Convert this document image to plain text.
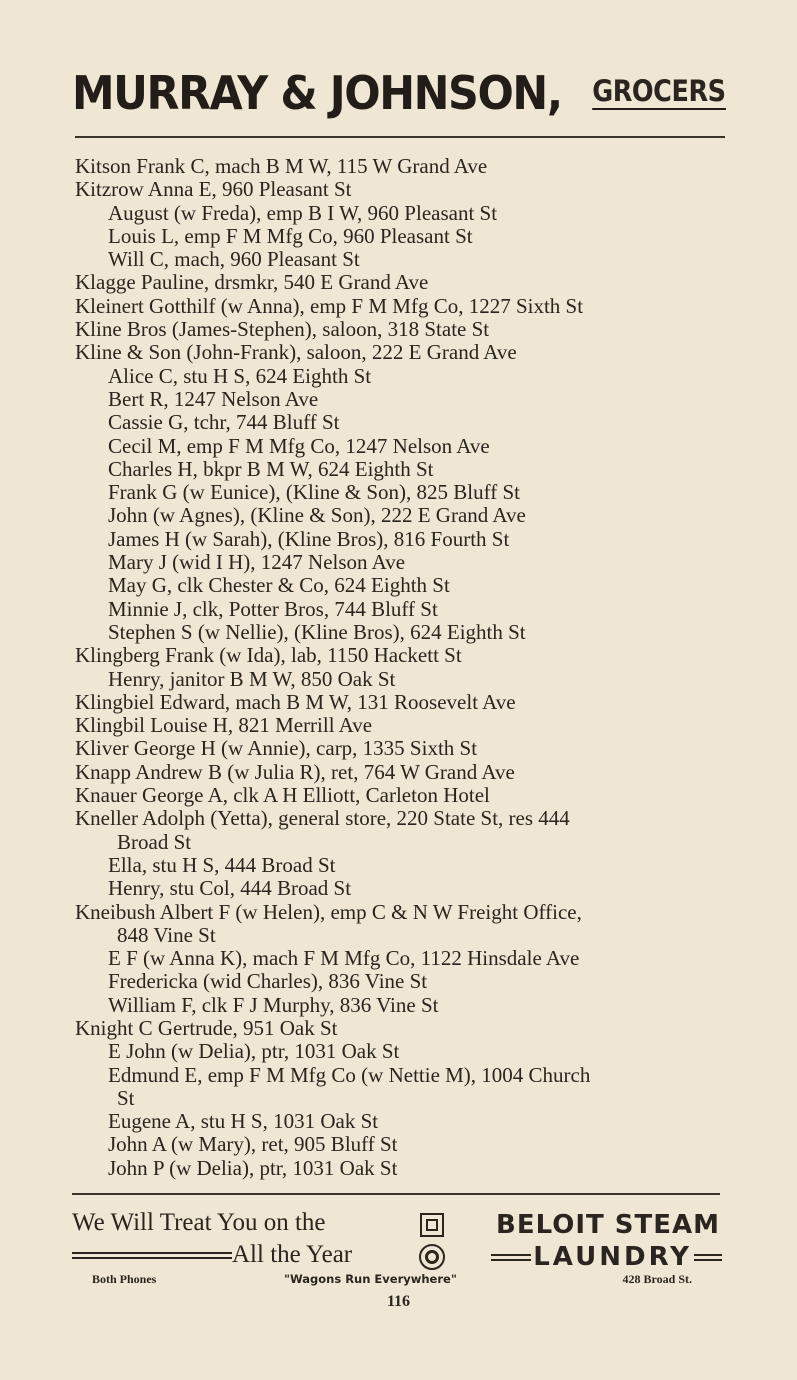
MURRAY & JOHNSON, GROCERS
Kitson Frank C, mach B M W, 115 W Grand Ave
Kitzrow Anna E, 960 Pleasant St
August (w Freda), emp B I W, 960 Pleasant St
Louis L, emp F M Mfg Co, 960 Pleasant St
Will C, mach, 960 Pleasant St
Klagge Pauline, drsmkr, 540 E Grand Ave
Kleinert Gotthilf (w Anna), emp F M Mfg Co, 1227 Sixth St
Kline Bros (James-Stephen), saloon, 318 State St
Kline & Son (John-Frank), saloon, 222 E Grand Ave
Alice C, stu H S, 624 Eighth St
Bert R, 1247 Nelson Ave
Cassie G, tchr, 744 Bluff St
Cecil M, emp F M Mfg Co, 1247 Nelson Ave
Charles H, bkpr B M W, 624 Eighth St
Frank G (w Eunice), (Kline & Son), 825 Bluff St
John (w Agnes), (Kline & Son), 222 E Grand Ave
James H (w Sarah), (Kline Bros), 816 Fourth St
Mary J (wid I H), 1247 Nelson Ave
May G, clk Chester & Co, 624 Eighth St
Minnie J, clk, Potter Bros, 744 Bluff St
Stephen S (w Nellie), (Kline Bros), 624 Eighth St
Klingberg Frank (w Ida), lab, 1150 Hackett St
Henry, janitor B M W, 850 Oak St
Klingbiel Edward, mach B M W, 131 Roosevelt Ave
Klingbil Louise H, 821 Merrill Ave
Kliver George H (w Annie), carp, 1335 Sixth St
Knapp Andrew B (w Julia R), ret, 764 W Grand Ave
Knauer George A, clk A H Elliott, Carleton Hotel
Kneller Adolph (Yetta), general store, 220 State St, res 444
Broad St
Ella, stu H S, 444 Broad St
Henry, stu Col, 444 Broad St
Kneibush Albert F (w Helen), emp C & N W Freight Office,
848 Vine St
E F (w Anna K), mach F M Mfg Co, 1122 Hinsdale Ave
Fredericka (wid Charles), 836 Vine St
William F, clk F J Murphy, 836 Vine St
Knight C Gertrude, 951 Oak St
E John (w Delia), ptr, 1031 Oak St
Edmund E, emp F M Mfg Co (w Nettie M), 1004 Church
St
Eugene A, stu H S, 1031 Oak St
John A (w Mary), ret, 905 Bluff St
John P (w Delia), ptr, 1031 Oak St
We Will Treat You on the
All the Year
BELOIT STEAM
LAUNDRY
Both Phones	"Wagons Run Everywhere"	428 Broad St.
116
